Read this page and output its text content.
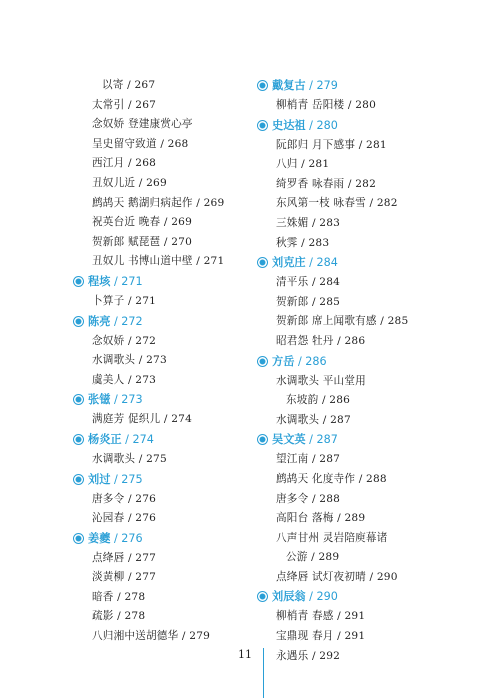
以寄 / 267
太常引 / 267
念奴娇 登建康赏心亭
呈史留守致道 / 268
西江月 / 268
丑奴儿近 / 269
鹧鸪天 鹅湖归病起作 / 269
祝英台近 晚春 / 269
贺新郎 赋琵琶 / 270
丑奴儿 书博山道中壁 / 271
程垓 / 271
卜算子 / 271
陈亮 / 272
念奴娇 / 272
水调歌头 / 273
虞美人 / 273
张镃 / 273
满庭芳 促织儿 / 274
杨炎正 / 274
水调歌头 / 275
刘过 / 275
唐多令 / 276
沁园春 / 276
姜夔 / 276
点绛唇 / 277
淡黄柳 / 277
暗香 / 278
疏影 / 278
八归湘中送胡德华 / 279
戴复古 / 279
柳梢青 岳阳楼 / 280
史达祖 / 280
阮郎归 月下感事 / 281
八归 / 281
绮罗香 咏春雨 / 282
东风第一枝 咏春雪 / 282
三姝媚 / 283
秋霁 / 283
刘克庄 / 284
清平乐 / 284
贺新郎 / 285
贺新郎 席上闻歌有感 / 285
昭君怨 牡丹 / 286
方岳 / 286
水调歌头 平山堂用
东坡韵 / 286
水调歌头 / 287
吴文英 / 287
望江南 / 287
鹧鸪天 化度寺作 / 288
唐多令 / 288
高阳台 落梅 / 289
八声甘州 灵岩陪庾幕诸
公游 / 289
点绛唇 试灯夜初晴 / 290
刘辰翁 / 290
柳梢青 春感 / 291
宝鼎现 春月 / 291
永遇乐 / 292
11
